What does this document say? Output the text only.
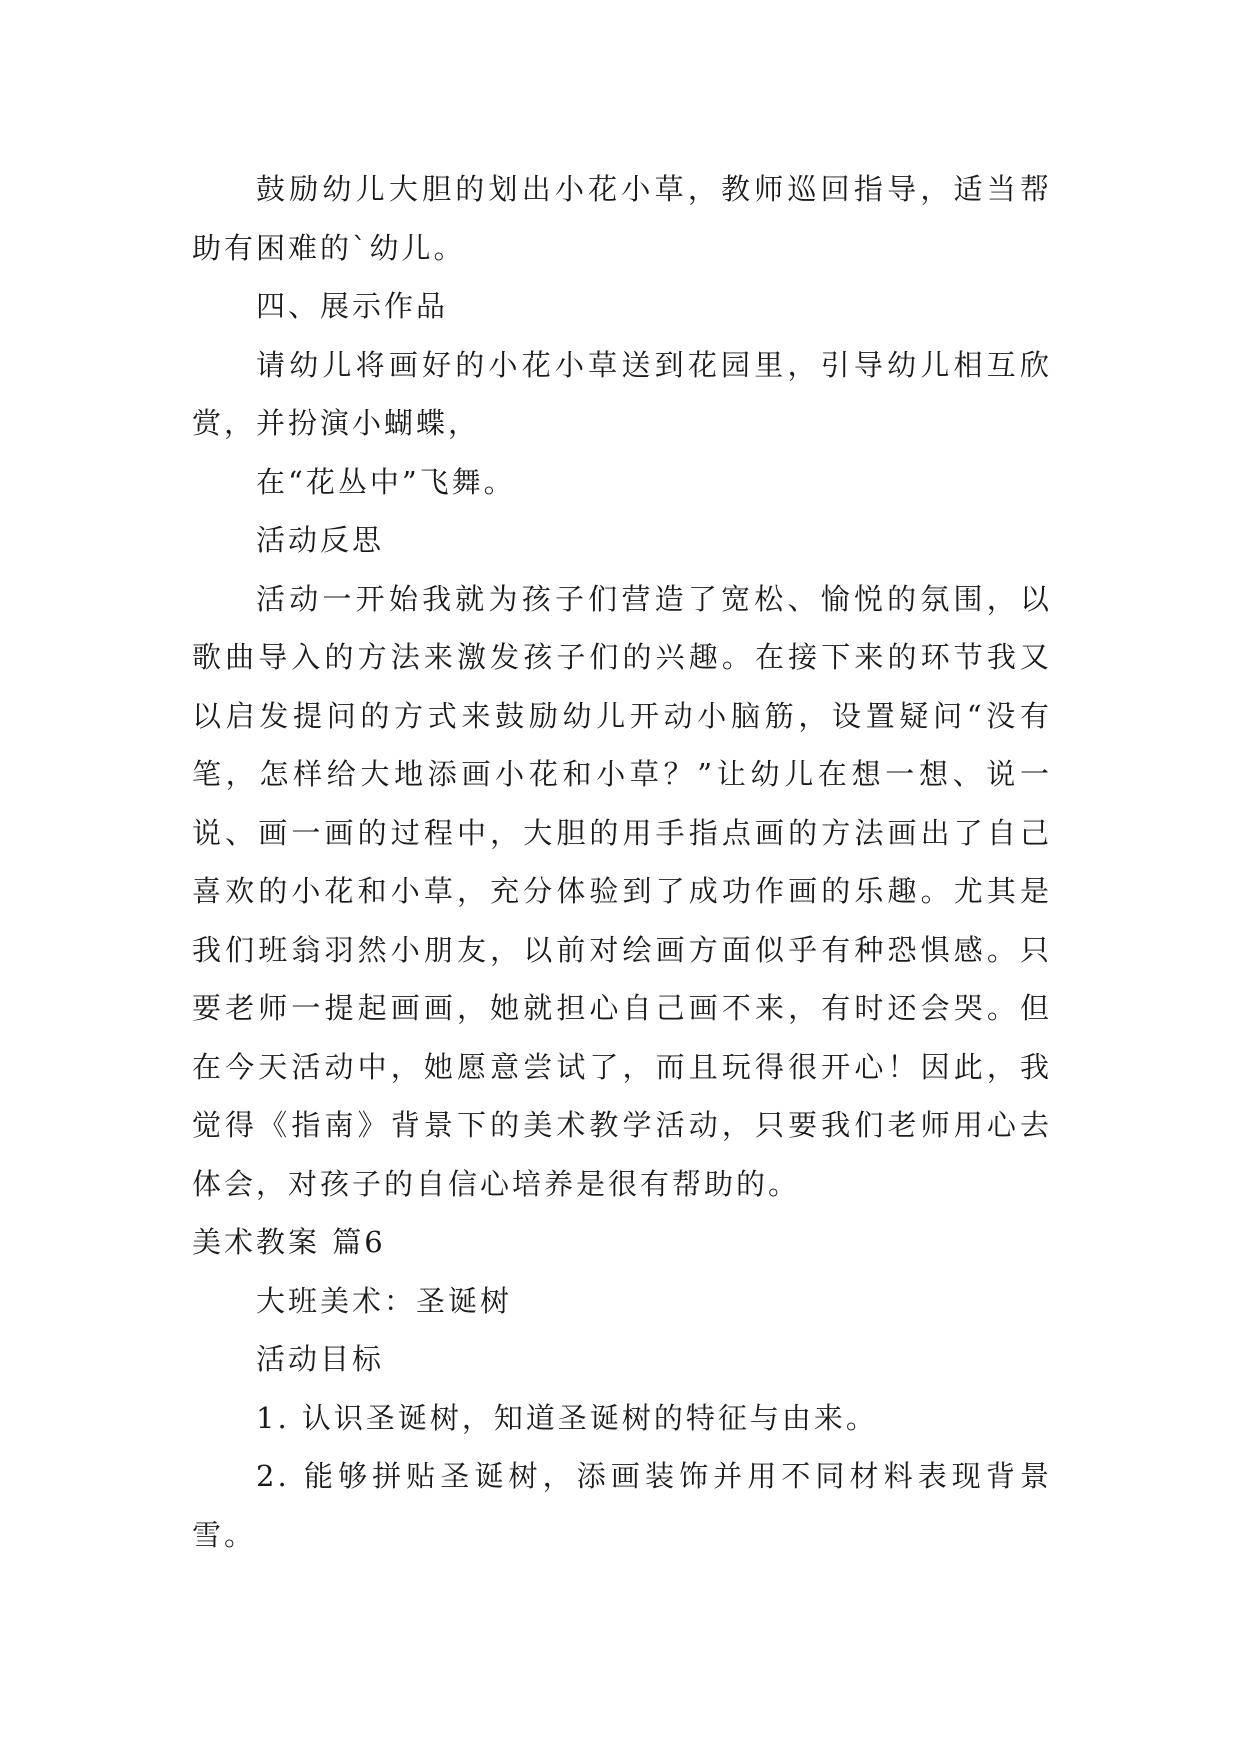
鼓励幼儿大胆的划出小花小草，教师巡回指导，适当帮助有困难的`幼儿。

四、展示作品

请幼儿将画好的小花小草送到花园里，引导幼儿相互欣赏，并扮演小蝴蝶，

在“花丛中”飞舞。

活动反思

活动一开始我就为孩子们营造了宽松、愉悦的氛围，以歌曲导入的方法来激发孩子们的兴趣。在接下来的环节我又以启发提问的方式来鼓励幼儿开动小脑筋，设置疑问“没有笔，怎样给大地添画小花和小草？”让幼儿在想一想、说一说、画一画的过程中，大胆的用手指点画的方法画出了自己喜欢的小花和小草，充分体验到了成功作画的乐趣。尤其是我们班翁羽然小朋友，以前对绘画方面似乎有种恐惧感。只要老师一提起画画，她就担心自己画不来，有时还会哭。但在今天活动中，她愿意尝试了，而且玩得很开心！因此，我觉得《指南》背景下的美术教学活动，只要我们老师用心去体会，对孩子的自信心培养是很有帮助的。

美术教案 篇6

大班美术：圣诞树

活动目标

1. 认识圣诞树，知道圣诞树的特征与由来。

2. 能够拼贴圣诞树，添画装饰并用不同材料表现背景雪。
